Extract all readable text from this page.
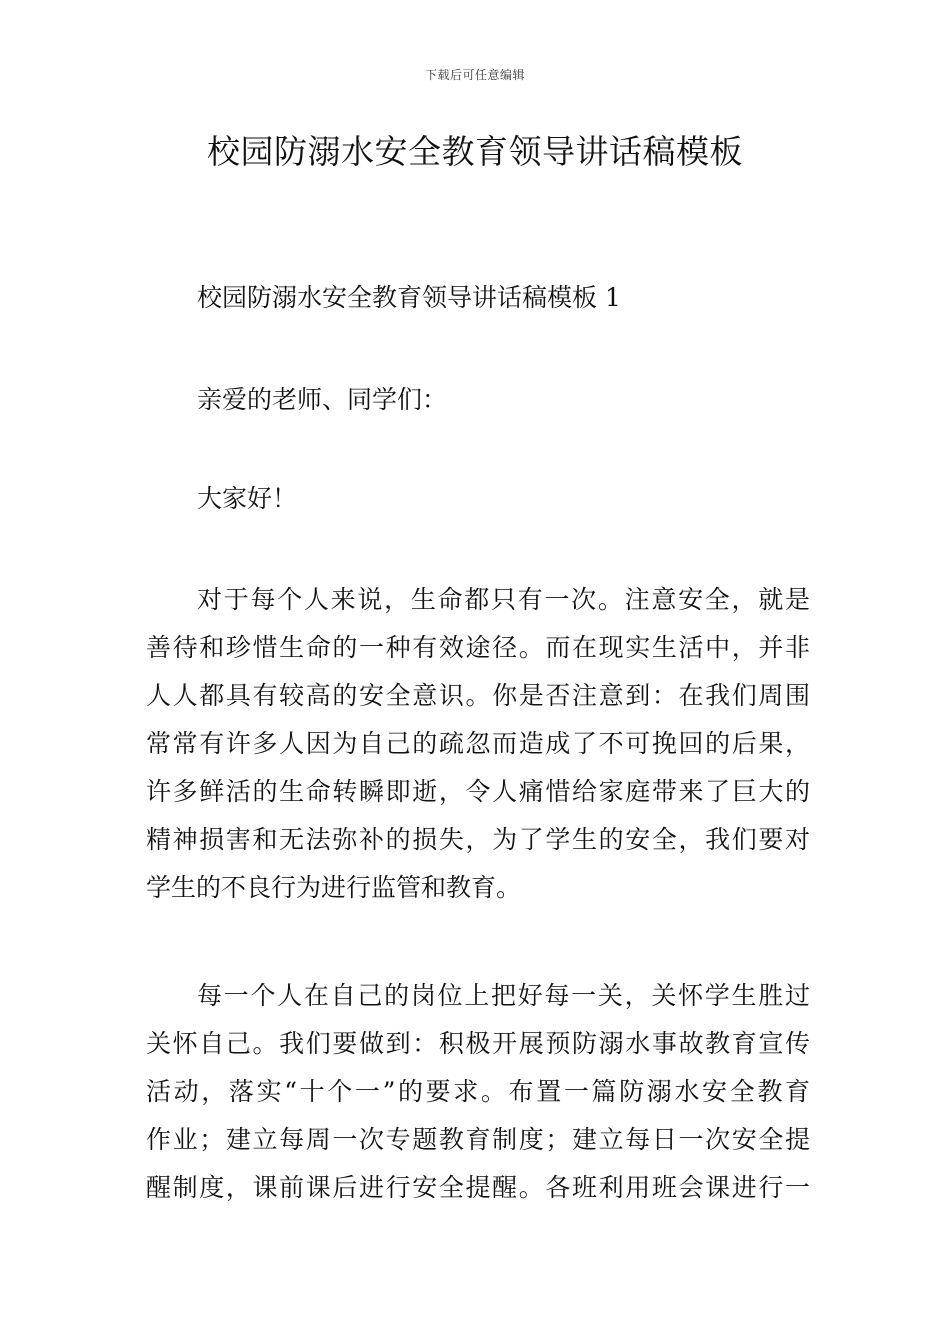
下载后可任意编辑
校园防溺水安全教育领导讲话稿模板

校园防溺水安全教育领导讲话稿模板 1

亲爱的老师、同学们：

大家好！

对于每个人来说，生命都只有一次。注意安全，就是
善待和珍惜生命的一种有效途径。而在现实生活中，并非
人人都具有较高的安全意识。你是否注意到：在我们周围
常常有许多人因为自己的疏忽而造成了不可挽回的后果，
许多鲜活的生命转瞬即逝，令人痛惜给家庭带来了巨大的
精神损害和无法弥补的损失，为了学生的安全，我们要对
学生的不良行为进行监管和教育。
每一个人在自己的岗位上把好每一关，关怀学生胜过
关怀自己。我们要做到：积极开展预防溺水事故教育宣传
活动，落实“十个一”的要求。布置一篇防溺水安全教育
作业；建立每周一次专题教育制度；建立每日一次安全提
醒制度，课前课后进行安全提醒。各班利用班会课进行一
